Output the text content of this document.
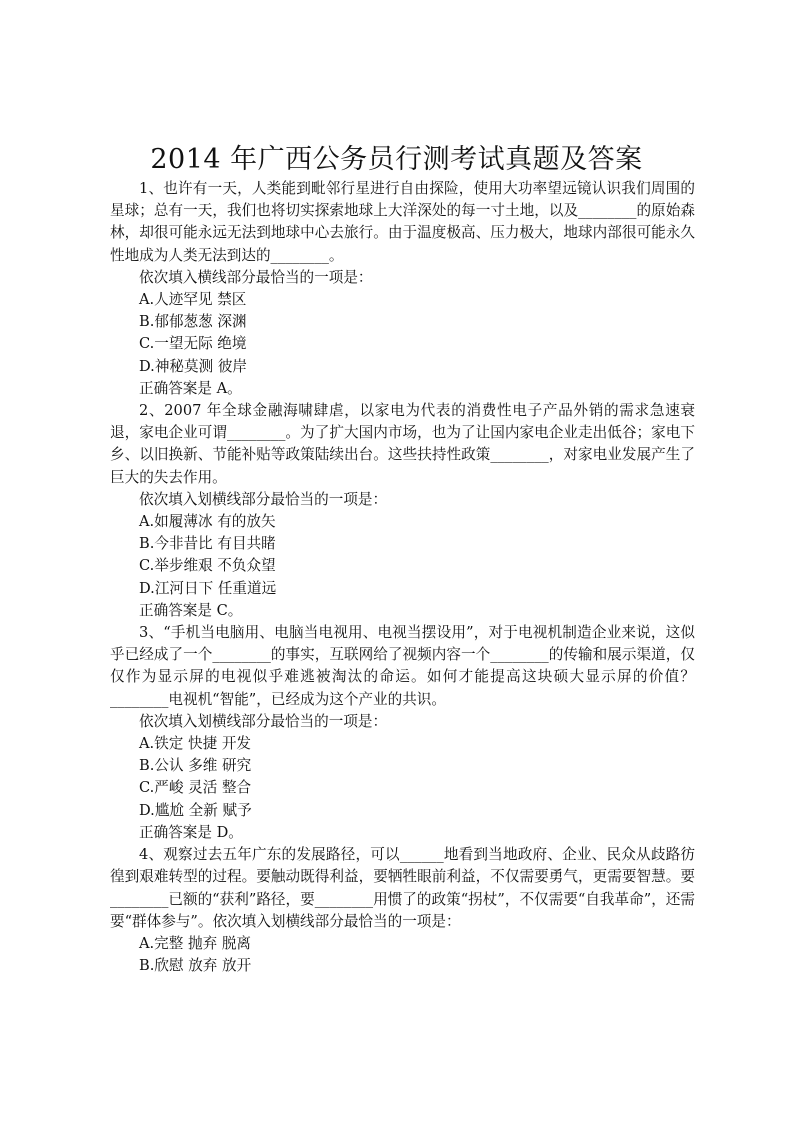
2014 年广西公务员行测考试真题及答案

1、也许有一天，人类能到毗邻行星进行自由探险，使用大功率望远镜认识我们周围的星球；总有一天，我们也将切实探索地球上大洋深处的每一寸土地，以及________的原始森林，却很可能永远无法到地球中心去旅行。由于温度极高、压力极大，地球内部很可能永久性地成为人类无法到达的________。

依次填入横线部分最恰当的一项是：

A.人迹罕见 禁区

B.郁郁葱葱 深渊

C.一望无际 绝境

D.神秘莫测 彼岸

正确答案是 A。

2、2007 年全球金融海啸肆虐，以家电为代表的消费性电子产品外销的需求急速衰退，家电企业可谓________。为了扩大国内市场，也为了让国内家电企业走出低谷；家电下乡、以旧换新、节能补贴等政策陆续出台。这些扶持性政策________，对家电业发展产生了巨大的失去作用。

依次填入划横线部分最恰当的一项是：

A.如履薄冰 有的放矢

B.今非昔比 有目共睹

C.举步维艰 不负众望

D.江河日下 任重道远

正确答案是 C。

3、“手机当电脑用、电脑当电视用、电视当摆设用”，对于电视机制造企业来说，这似乎已经成了一个________的事实，互联网给了视频内容一个________的传输和展示渠道，仅仅作为显示屏的电视似乎难逃被淘汰的命运。如何才能提高这块硕大显示屏的价值？________电视机“智能”，已经成为这个产业的共识。

依次填入划横线部分最恰当的一项是：

A.铁定 快捷 开发

B.公认 多维 研究

C.严峻 灵活 整合

D.尴尬 全新 赋予

正确答案是 D。

4、观察过去五年广东的发展路径，可以______地看到当地政府、企业、民众从歧路彷徨到艰难转型的过程。要触动既得利益，要牺牲眼前利益，不仅需要勇气，更需要智慧。要________已额的“获利”路径，要________用惯了的政策“拐杖”，不仅需要“自我革命”，还需要“群体参与”。依次填入划横线部分最恰当的一项是：

A.完整 抛弃 脱离

B.欣慰 放弃 放开
